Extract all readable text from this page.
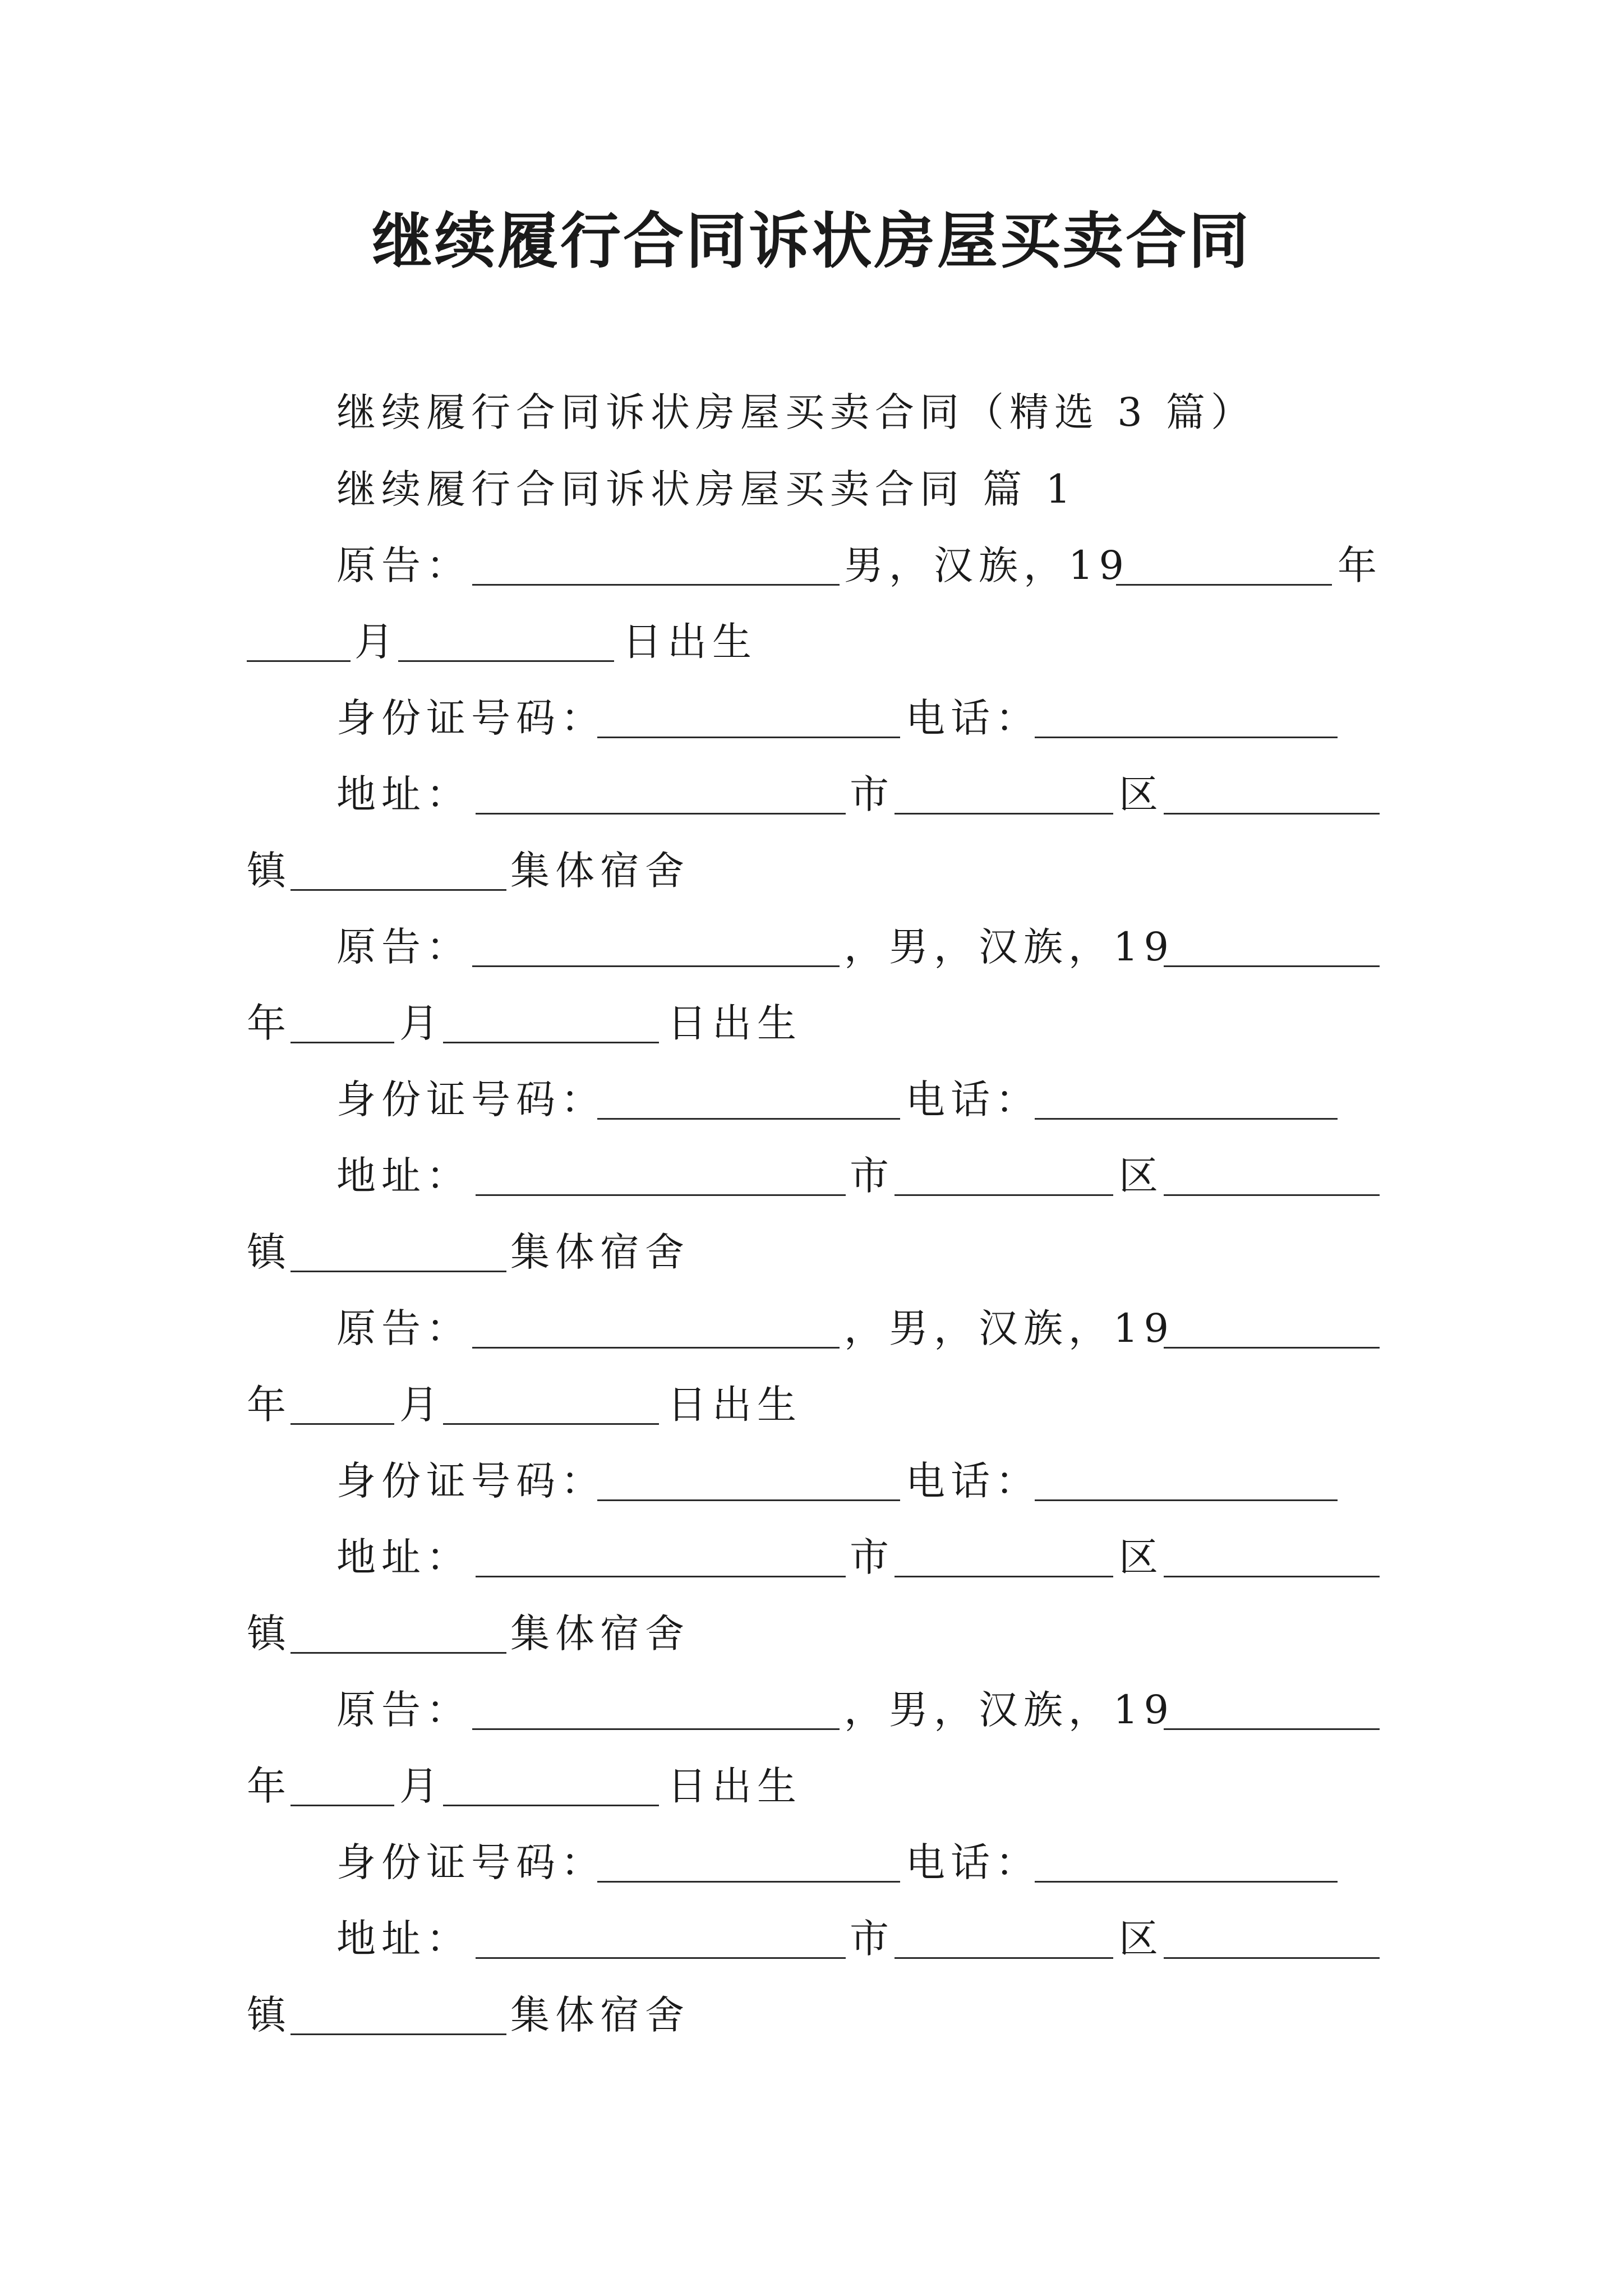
继续履行合同诉状房屋买卖合同
继续履行合同诉状房屋买卖合同（精选 3 篇）
继续履行合同诉状房屋买卖合同 篇 1
原告：	男，汉族，19	年
月	日出生
身份证号码：	电话：
地址：	市	区
镇	集体宿舍
原告：	，男，汉族，19
年	月	日出生
身份证号码：	电话：
地址：	市	区
镇	集体宿舍
原告：	，男，汉族，19
年	月	日出生
身份证号码：	电话：
地址：	市	区
镇	集体宿舍
原告：	，男，汉族，19
年	月	日出生
身份证号码：	电话：
地址：	市	区
镇	集体宿舍
